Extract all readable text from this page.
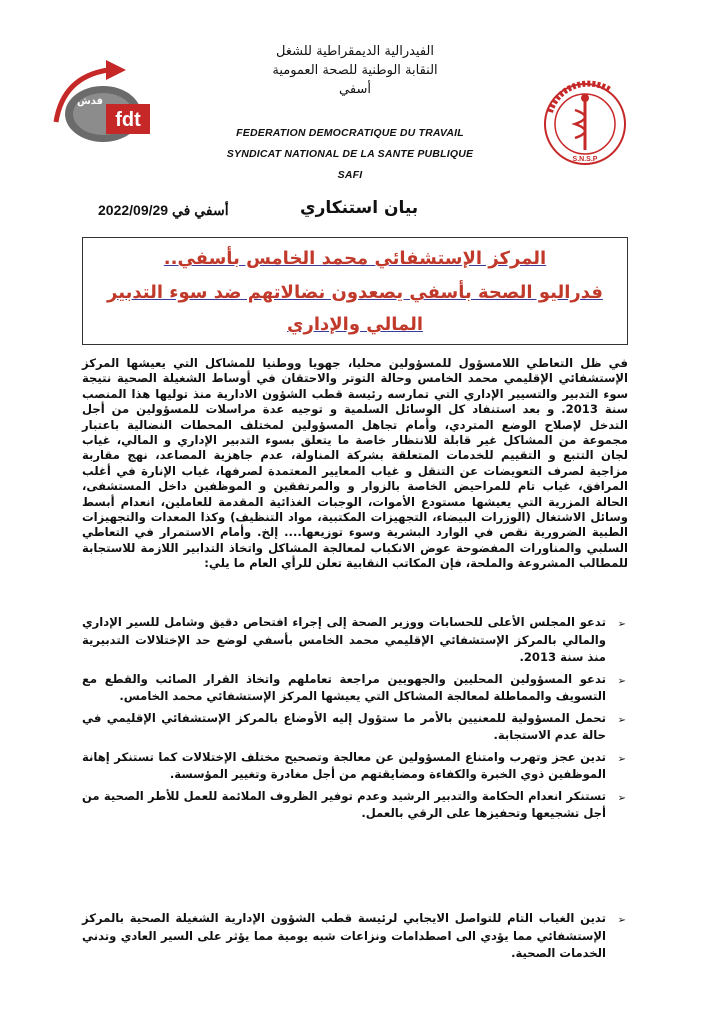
fdt
فدش
الفيدرالية الديمقراطية للشغل
النقابة الوطنية للصحة العمومية
أسفي
S.N.S.P
FEDERATION DEMOCRATIQUE DU TRAVAIL
SYNDICAT NATIONAL DE LA SANTE PUBLIQUE
SAFI
أسفي في 2022/09/29	بيان استنكاري
المركز الإستشفائي محمد الخامس بأسفي..
فدراليو الصحة بأسفي يصعدون نضالاتهم ضد سوء التدبير المالي والإداري

في ظل التعاطي اللامسؤول للمسؤولين محليا، جهويا ووطنيا للمشاكل التي يعيشها المركز الإستشفائي الإقليمي محمد الخامس وحالة التوتر والاحتقان في أوساط الشغيلة الصحية نتيجة سوء التدبير والتسيير الإداري التي تمارسه رئيسة قطب الشؤون الادارية منذ توليها هذا المنصب سنة 2013. و بعد استنفاد كل الوسائل السلمية و توجيه عدة مراسلات للمسؤولين من أجل التدخل لإصلاح الوضع المتردي، وأمام تجاهل المسؤولين لمختلف المحطات النضالية باعتبار مجموعة من المشاكل غير قابلة للانتظار خاصة ما يتعلق بسوء التدبير الإداري و المالي، غياب لجان التتبع و التقييم للخدمات المتعلقة بشركة المناولة، عدم جاهزية المصاعد، نهج مقاربة مزاجية لصرف التعويضات عن التنقل و غياب المعايير المعتمدة لصرفها، غياب الإنارة في أغلب المرافق، غياب تام للمراحيض الخاصة بالزوار و والمرتفقين و الموظفين داخل المستشفى، الحالة المزرية التي يعيشها مستودع الأموات، الوجبات الغذائية المقدمة للعاملين، انعدام أبسط وسائل الاشتغال (الوزرات البيضاء، التجهيزات المكتبية، مواد التنظيف) وكذا المعدات والتجهيزات الطبية الضرورية نقص في الوارد البشرية وسوء توزيعها.... إلخ. وأمام الاستمرار في التعاطي السلبي والمناورات المفضوحة عوض الانكباب لمعالجة المشاكل واتخاذ التدابير اللازمة للاستجابة للمطالب المشروعة والملحة، فإن المكاتب النقابية تعلن للرأي العام ما يلي:

➢
تدعو المجلس الأعلى للحسابات ووزير الصحة إلى إجراء افتحاص دقيق وشامل للسير الإداري والمالي بالمركز الإستشفائي الإقليمي محمد الخامس بأسفي لوضع حد الإختلالات التدبيرية منذ سنة 2013.
➢
تدعو المسؤولين المحليين والجهويين مراجعة تعاملهم واتخاذ القرار الصائب والقطع مع التسويف والمماطلة لمعالجة المشاكل التي يعيشها المركز الإستشفائي محمد الخامس.
➢
تحمل المسؤولية للمعنيين بالأمر ما ستؤول إليه الأوضاع بالمركز الإستشفائي الإقليمي في حالة عدم الاستجابة.
➢
تدين عجز وتهرب وامتناع المسؤولين عن معالجة وتصحيح مختلف الإختلالات كما تستنكر إهانة الموظفين ذوي الخبرة والكفاءة ومضايقتهم من أجل مغادرة وتغيير المؤسسة.
➢
تستنكر انعدام الحكامة والتدبير الرشيد وعدم توفير الظروف الملائمة للعمل للأطر الصحية من أجل تشجيعها وتحفيزها على الرقي بالعمل.
➢
تدين الغياب التام للتواصل الايجابي لرئيسة قطب الشؤون الإدارية الشغيلة الصحية بالمركز الإستشفائي مما يؤدي الى اصطدامات ونزاعات شبه يومية مما يؤثر على السير العادي وتدني الخدمات الصحية.
